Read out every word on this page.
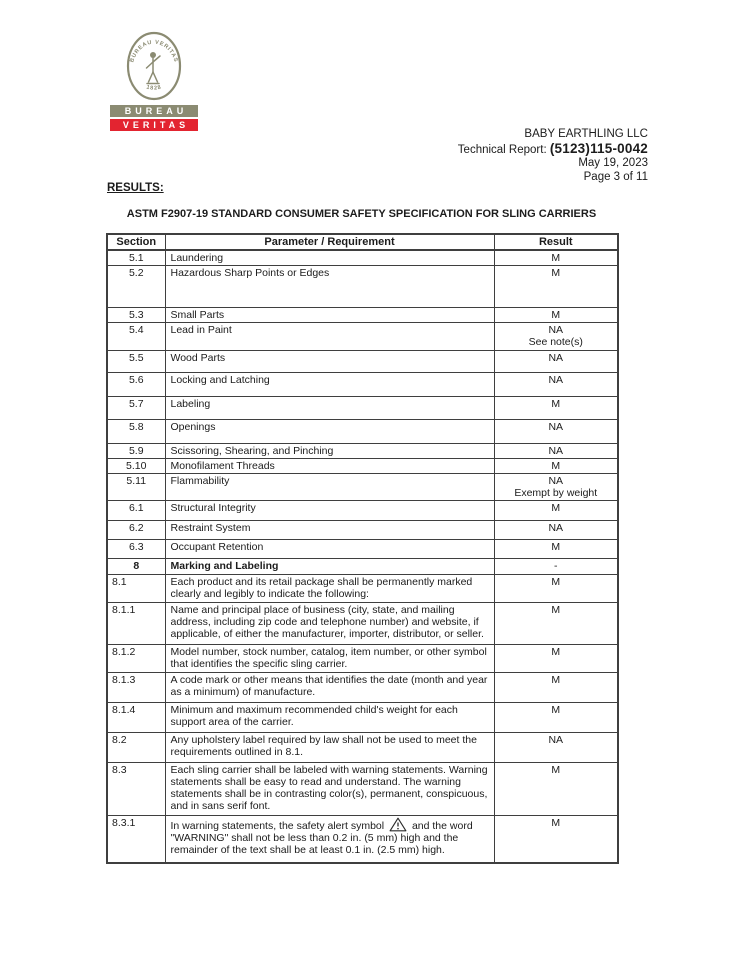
BUREAU VERITAS
1828
BUREAU
VERITAS
BABY EARTHLING LLC
Technical Report: (5123)115-0042
May 19, 2023
Page 3 of 11
RESULTS:
ASTM F2907-19 STANDARD CONSUMER SAFETY SPECIFICATION FOR SLING CARRIERS
Section	Parameter / Requirement	Result
5.1	Laundering	M

5.2	Hazardous Sharp Points or Edges	M

5.3	Small Parts	M

5.4	Lead in Paint	NA
See note(s)

5.5	Wood Parts	NA

5.6	Locking and Latching	NA

5.7	Labeling	M

5.8	Openings	NA

5.9	Scissoring, Shearing, and Pinching	NA

5.10	Monofilament Threads	M

5.11	Flammability	NA
Exempt by weight

6.1	Structural Integrity	M

6.2	Restraint System	NA

6.3	Occupant Retention	M

8	Marking and Labeling	-

8.1	Each product and its retail package shall be permanently marked clearly and legibly to indicate the following:	M

8.1.1	Name and principal place of business (city, state, and mailing address, including zip code and telephone number) and website, if applicable, of either the manufacturer, importer, distributor, or seller.	M

8.1.2	Model number, stock number, catalog, item number, or other symbol that identifies the specific sling carrier.	M

8.1.3	A code mark or other means that identifies the date (month and year as a minimum) of manufacture.	M

8.1.4	Minimum and maximum recommended child's weight for each support area of the carrier.	M

8.2	Any upholstery label required by law shall not be used to meet the requirements outlined in 8.1.	NA

8.3	Each sling carrier shall be labeled with warning statements. Warning statements shall be easy to read and understand. The warning statements shall be in contrasting color(s), permanent, conspicuous, and in sans serif font.	M

8.3.1	In warning statements, the safety alert symbol and the word "WARNING" shall not be less than 0.2 in. (5 mm) high and the remainder of the text shall be at least 0.1 in. (2.5 mm) high.	M
